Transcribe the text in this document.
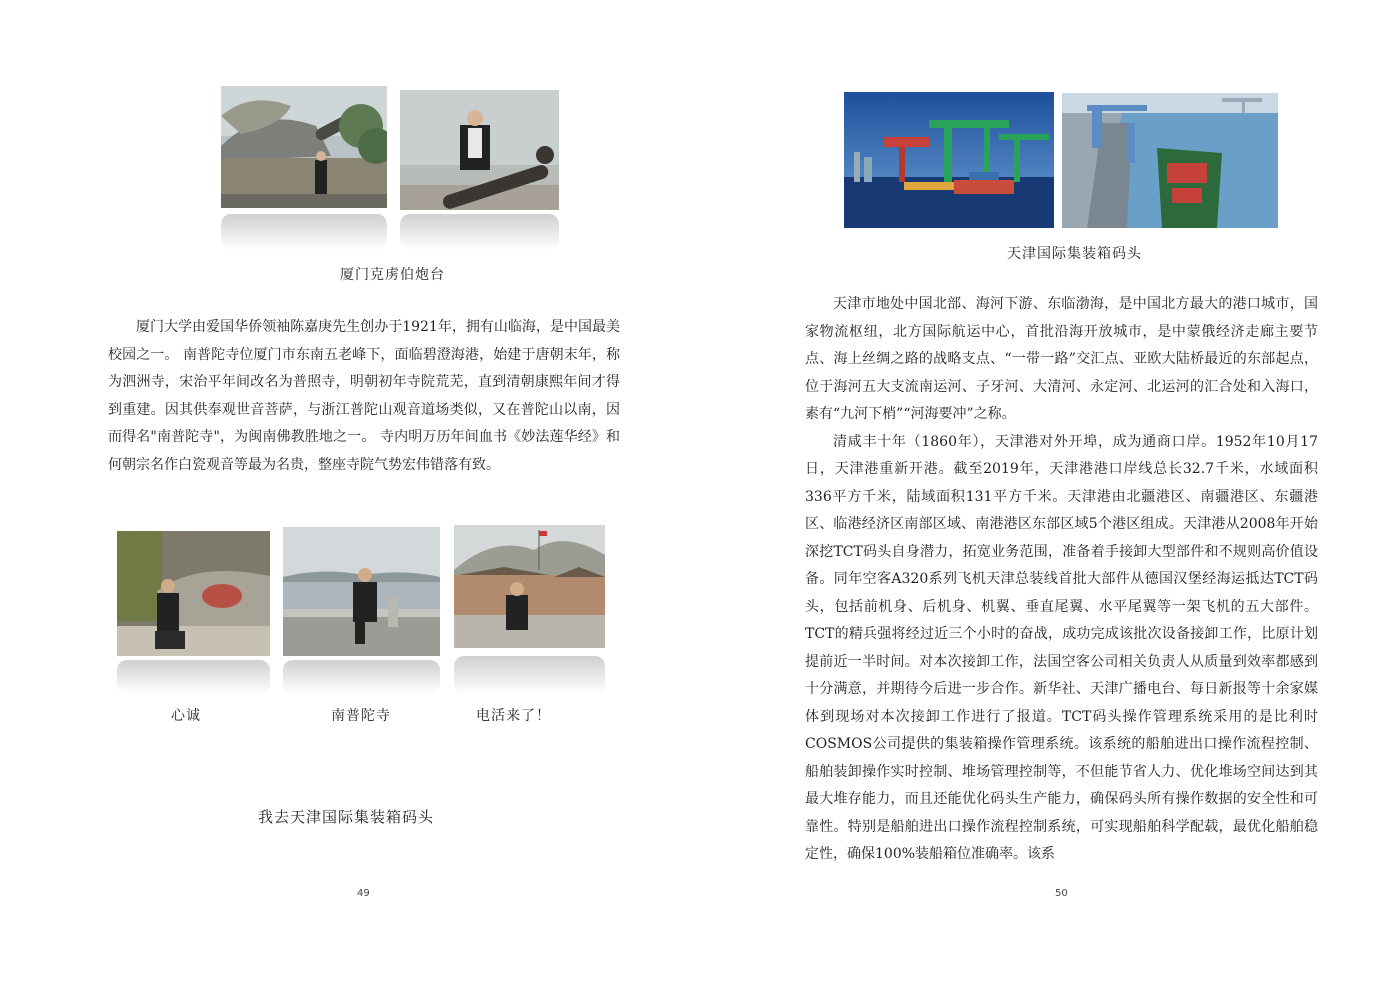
厦门克虏伯炮台

厦门大学由爱国华侨领袖陈嘉庚先生创办于1921年，拥有山临海，是中国最美校园之一。 南普陀寺位厦门市东南五老峰下，面临碧澄海港，始建于唐朝末年，称为泗洲寺，宋治平年间改名为普照寺，明朝初年寺院荒芜，直到清朝康熙年间才得到重建。因其供奉观世音菩萨，与浙江普陀山观音道场类似，又在普陀山以南，因而得名"南普陀寺"，为闽南佛教胜地之一。 寺内明万历年间血书《妙法莲华经》和何朝宗名作白瓷观音等最为名贵，整座寺院气势宏伟错落有致。

心诚	南普陀寺	电活来了！
我去天津国际集装箱码头
49
天津国际集装箱码头

天津市地处中国北部、海河下游、东临渤海，是中国北方最大的港口城市，国家物流枢纽，北方国际航运中心，首批沿海开放城市，是中蒙俄经济走廊主要节点、海上丝绸之路的战略支点、“一带一路”交汇点、亚欧大陆桥最近的东部起点，位于海河五大支流南运河、子牙河、大清河、永定河、北运河的汇合处和入海口，素有“九河下梢”“河海要冲”之称。

清咸丰十年（1860年），天津港对外开埠，成为通商口岸。1952年10月17日，天津港重新开港。截至2019年，天津港港口岸线总长32.7千米，水域面积336平方千米，陆域面积131平方千米。天津港由北疆港区、南疆港区、东疆港区、临港经济区南部区域、南港港区东部区域5个港区组成。天津港从2008年开始深挖TCT码头自身潜力，拓宽业务范围，准备着手接卸大型部件和不规则高价值设备。同年空客A320系列飞机天津总装线首批大部件从德国汉堡经海运抵达TCT码头，包括前机身、后机身、机翼、垂直尾翼、水平尾翼等一架飞机的五大部件。TCT的精兵强将经过近三个小时的奋战，成功完成该批次设备接卸工作，比原计划提前近一半时间。对本次接卸工作，法国空客公司相关负责人从质量到效率都感到十分满意，并期待今后进一步合作。新华社、天津广播电台、每日新报等十余家媒体到现场对本次接卸工作进行了报道。TCT码头操作管理系统采用的是比利时COSMOS公司提供的集装箱操作管理系统。该系统的船舶进出口操作流程控制、船舶装卸操作实时控制、堆场管理控制等，不但能节省人力、优化堆场空间达到其最大堆存能力，而且还能优化码头生产能力，确保码头所有操作数据的安全性和可靠性。特别是船舶进出口操作流程控制系统，可实现船舶科学配载，最优化船舶稳定性，确保100%装船箱位准确率。该系

50
